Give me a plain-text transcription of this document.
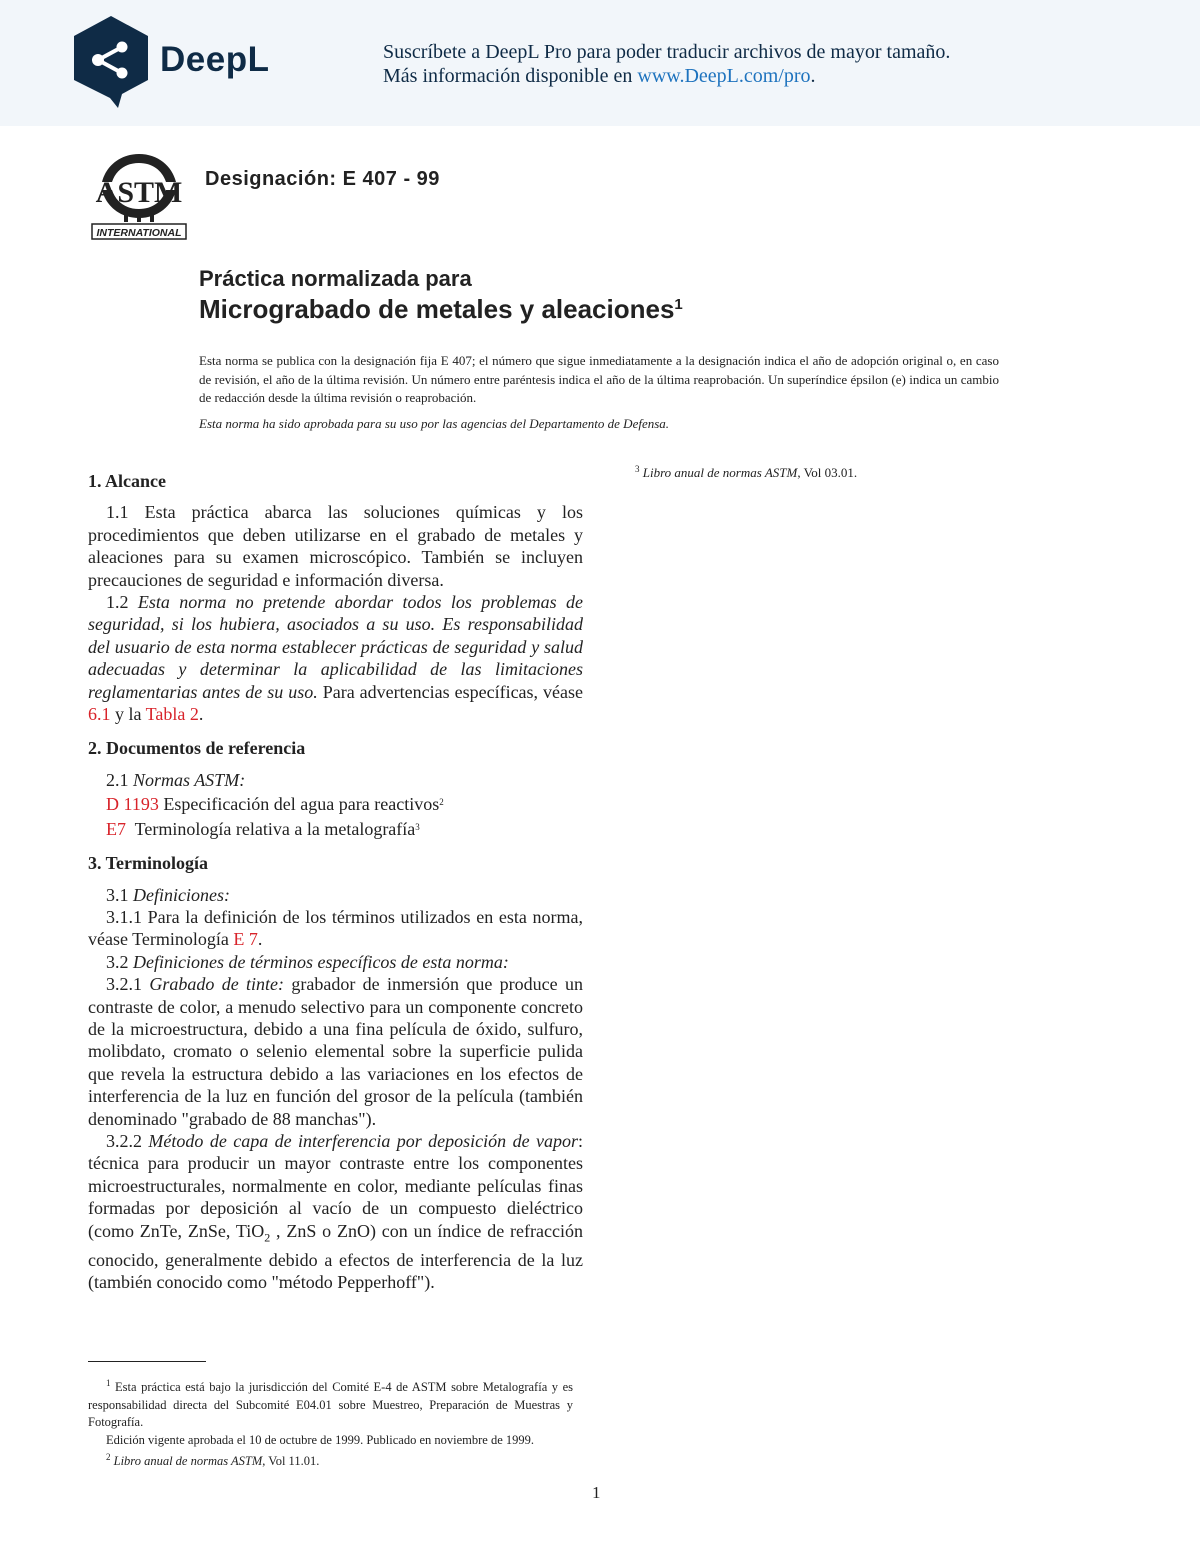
DeepL	Suscríbete a DeepL Pro para poder traducir archivos de mayor tamaño.
Más información disponible en www.DeepL.com/pro.
ASTM
INTERNATIONAL
Designación: E 407 - 99
Práctica normalizada para
Micrograbado de metales y aleaciones$^1$

Esta norma se publica con la designación fija E 407; el número que sigue inmediatamente a la designación indica el año de adopción original o, en caso de revisión, el año de la última revisión. Un número entre paréntesis indica el año de la última reaprobación. Un superíndice épsilon (e) indica un cambio de redacción desde la última revisión o reaprobación.

Esta norma ha sido aprobada para su uso por las agencias del Departamento de Defensa.

1. Alcance

1.1 Esta práctica abarca las soluciones químicas y los procedimientos que deben utilizarse en el grabado de metales y aleaciones para su examen microscópico. También se incluyen precauciones de seguridad e información diversa.

1.2 Esta norma no pretende abordar todos los problemas de seguridad, si los hubiera, asociados a su uso. Es responsabilidad del usuario de esta norma establecer prácticas de seguridad y salud adecuadas y determinar la aplicabilidad de las limitaciones reglamentarias antes de su uso. Para advertencias específicas, véase 6.1 y la Tabla 2.

2. Documentos de referencia

2.1 Normas ASTM:

D 1193 Especificación del agua para reactivos$^2$

E7  Terminología relativa a la metalografía$^3$

3. Terminología

3.1 Definiciones:

3.1.1 Para la definición de los términos utilizados en esta norma, véase Terminología E 7.

3.2 Definiciones de términos específicos de esta norma:

3.2.1 Grabado de tinte: grabador de inmersión que produce un contraste de color, a menudo selectivo para un componente concreto de la microestructura, debido a una fina película de óxido, sulfuro, molibdato, cromato o selenio elemental sobre la superficie pulida que revela la estructura debido a las variaciones en los efectos de interferencia de la luz en función del grosor de la película (también denominado "grabado de 88 manchas").

3.2.2 Método de capa de interferencia por deposición de vapor: técnica para producir un mayor contraste entre los componentes microestructurales, normalmente en color, mediante películas finas formadas por deposición al vacío de un compuesto dieléctrico (como ZnTe, ZnSe, TiO$_2$ , ZnS o ZnO) con un índice de refracción conocido, generalmente debido a efectos de interferencia de la luz (también conocido como "método Pepperhoff").

$^3$ Libro anual de normas ASTM, Vol 03.01.

$^1$ Esta práctica está bajo la jurisdicción del Comité E-4 de ASTM sobre Metalografía y es responsabilidad directa del Subcomité E04.01 sobre Muestreo, Preparación de Muestras y Fotografía.

Edición vigente aprobada el 10 de octubre de 1999. Publicado en noviembre de 1999.

$^2$ Libro anual de normas ASTM, Vol 11.01.

1
